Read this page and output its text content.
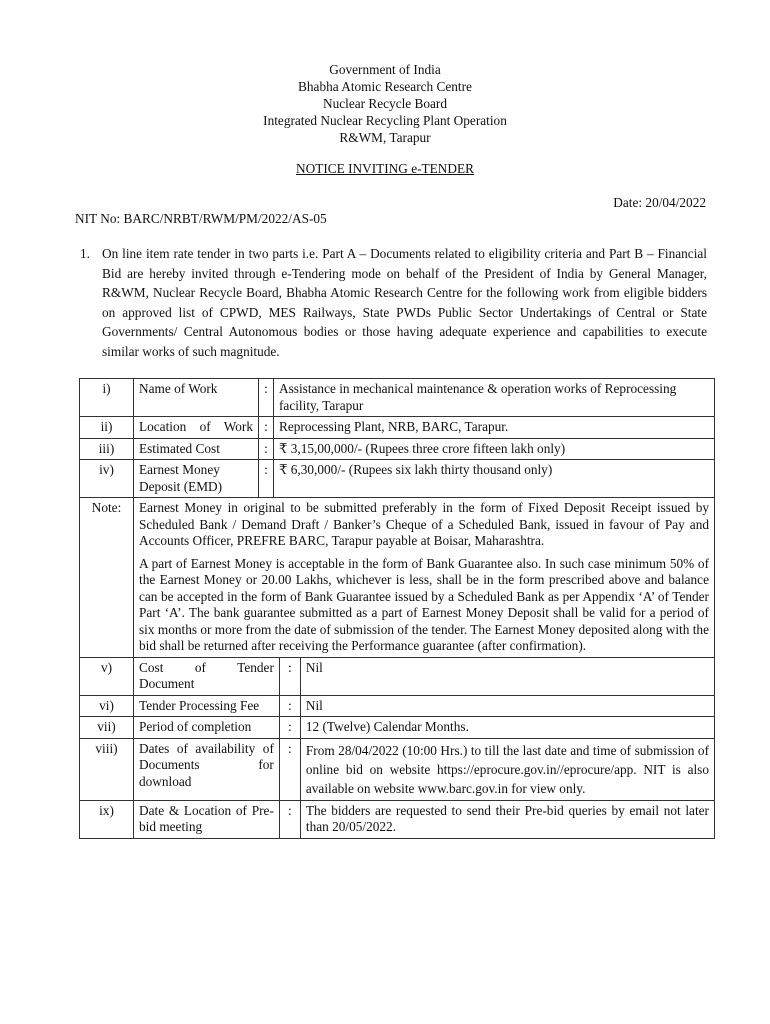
Government of India
Bhabha Atomic Research Centre
Nuclear Recycle Board
Integrated Nuclear Recycling Plant Operation
R&WM, Tarapur
NOTICE INVITING e-TENDER
Date: 20/04/2022
NIT No: BARC/NRBT/RWM/PM/2022/AS-05
1. On line item rate tender in two parts i.e. Part A – Documents related to eligibility criteria and Part B – Financial Bid are hereby invited through e-Tendering mode on behalf of the President of India by General Manager, R&WM, Nuclear Recycle Board, Bhabha Atomic Research Centre for the following work from eligible bidders on approved list of CPWD, MES Railways, State PWDs Public Sector Undertakings of Central or State Governments/ Central Autonomous bodies or those having adequate experience and capabilities to execute similar works of such magnitude.
i)	Name of Work	:	Assistance in mechanical maintenance & operation works of Reprocessing facility, Tarapur		
ii)	Location of Work	:	Reprocessing Plant, NRB, BARC, Tarapur.		
iii)	Estimated Cost	:	₹ 3,15,00,000/- (Rupees three crore fifteen lakh only)		
iv)	Earnest Money Deposit (EMD)	:	₹ 6,30,000/- (Rupees six lakh thirty thousand only)		
Note:	Earnest Money in original to be submitted preferably in the form of Fixed Deposit Receipt issued by Scheduled Bank / Demand Draft / Banker’s Cheque of a Scheduled Bank, issued in favour of Pay and Accounts Officer, PREFRE BARC, Tarapur payable at Boisar, Maharashtra.

A part of Earnest Money is acceptable in the form of Bank Guarantee also. In such case minimum 50% of the Earnest Money or 20.00 Lakhs, whichever is less, shall be in the form prescribed above and balance can be accepted in the form of Bank Guarantee issued by a Scheduled Bank as per Appendix ‘A’ of Tender Part ‘A’. The bank guarantee submitted as a part of Earnest Money Deposit shall be valid for a period of six months or more from the date of submission of the tender. The Earnest Money deposited along with the bid shall be returned after receiving the Performance guarantee (after confirmation).				

v)	Cost of Tender Document			:	Nil
vi)	Tender Processing Fee			:	Nil
vii)	Period of completion			:	12 (Twelve) Calendar Months.
viii)	Dates of availability of Documents for download			:	From 28/04/2022 (10:00 Hrs.) to till the last date and time of submission of online bid on website https://eprocure.gov.in//eprocure/app. NIT is also available on website www.barc.gov.in for view only.
ix)	Date & Location of Pre-bid meeting			:	The bidders are requested to send their Pre-bid queries by email not later than 20/05/2022.
